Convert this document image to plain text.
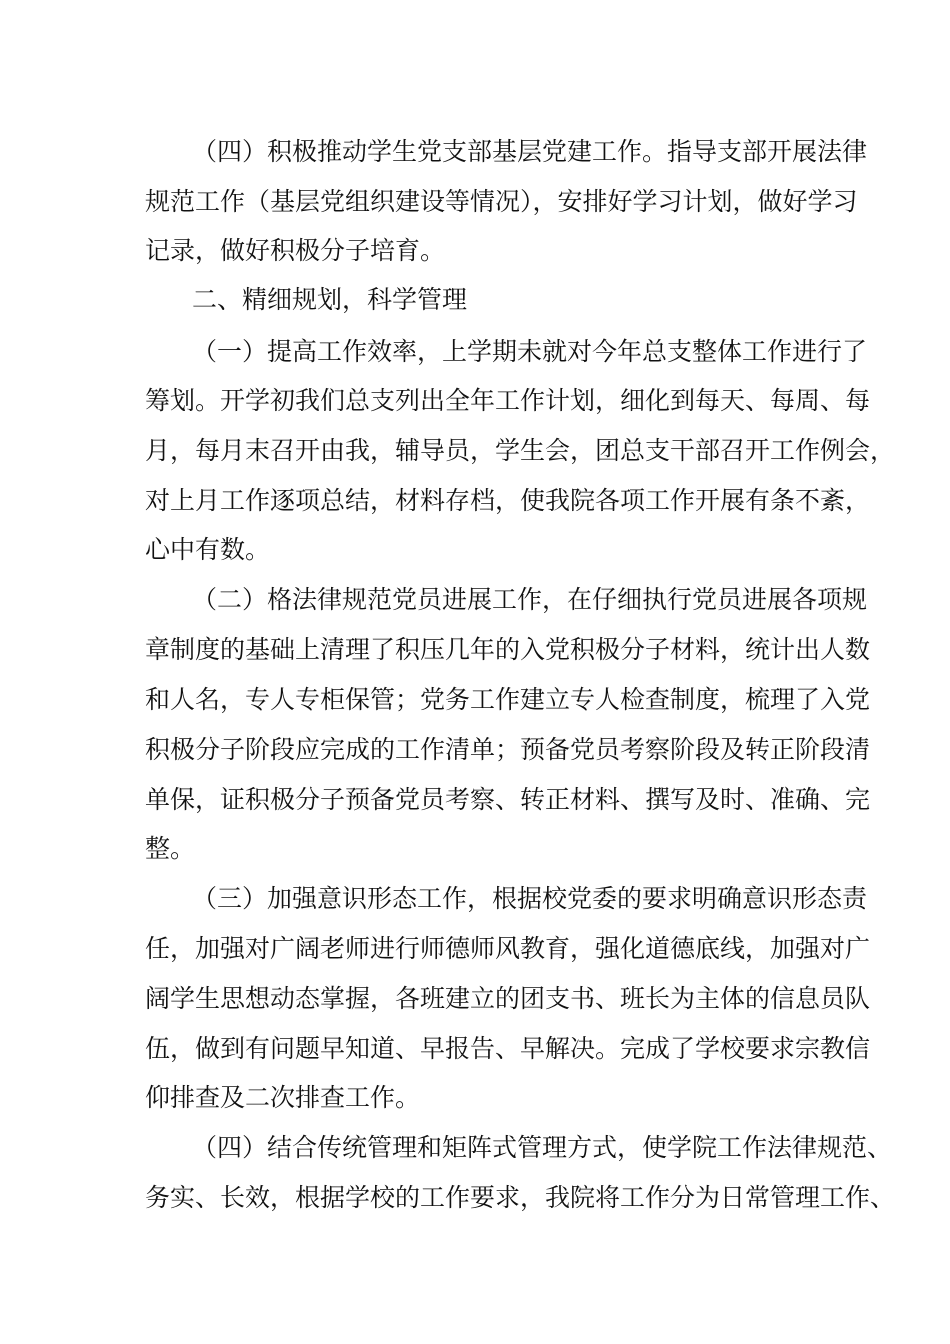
（四）积极推动学生党支部基层党建工作。指导支部开展法律
规范工作（基层党组织建设等情况），安排好学习计划，做好学习
记录，做好积极分子培育。
二、精细规划，科学管理
（一）提高工作效率，上学期未就对今年总支整体工作进行了
筹划。开学初我们总支列出全年工作计划，细化到每天、每周、每
月，每月末召开由我，辅导员，学生会，团总支干部召开工作例会，
对上月工作逐项总结，材料存档，使我院各项工作开展有条不紊，
心中有数。
（二）格法律规范党员进展工作，在仔细执行党员进展各项规
章制度的基础上清理了积压几年的入党积极分子材料，统计出人数
和人名，专人专柜保管；党务工作建立专人检查制度，梳理了入党
积极分子阶段应完成的工作清单；预备党员考察阶段及转正阶段清
单保，证积极分子预备党员考察、转正材料、撰写及时、准确、完
整。
（三）加强意识形态工作，根据校党委的要求明确意识形态责
任，加强对广阔老师进行师德师风教育，强化道德底线，加强对广
阔学生思想动态掌握，各班建立的团支书、班长为主体的信息员队
伍，做到有问题早知道、早报告、早解决。完成了学校要求宗教信
仰排查及二次排查工作。
（四）结合传统管理和矩阵式管理方式，使学院工作法律规范、
务实、长效，根据学校的工作要求，我院将工作分为日常管理工作、
